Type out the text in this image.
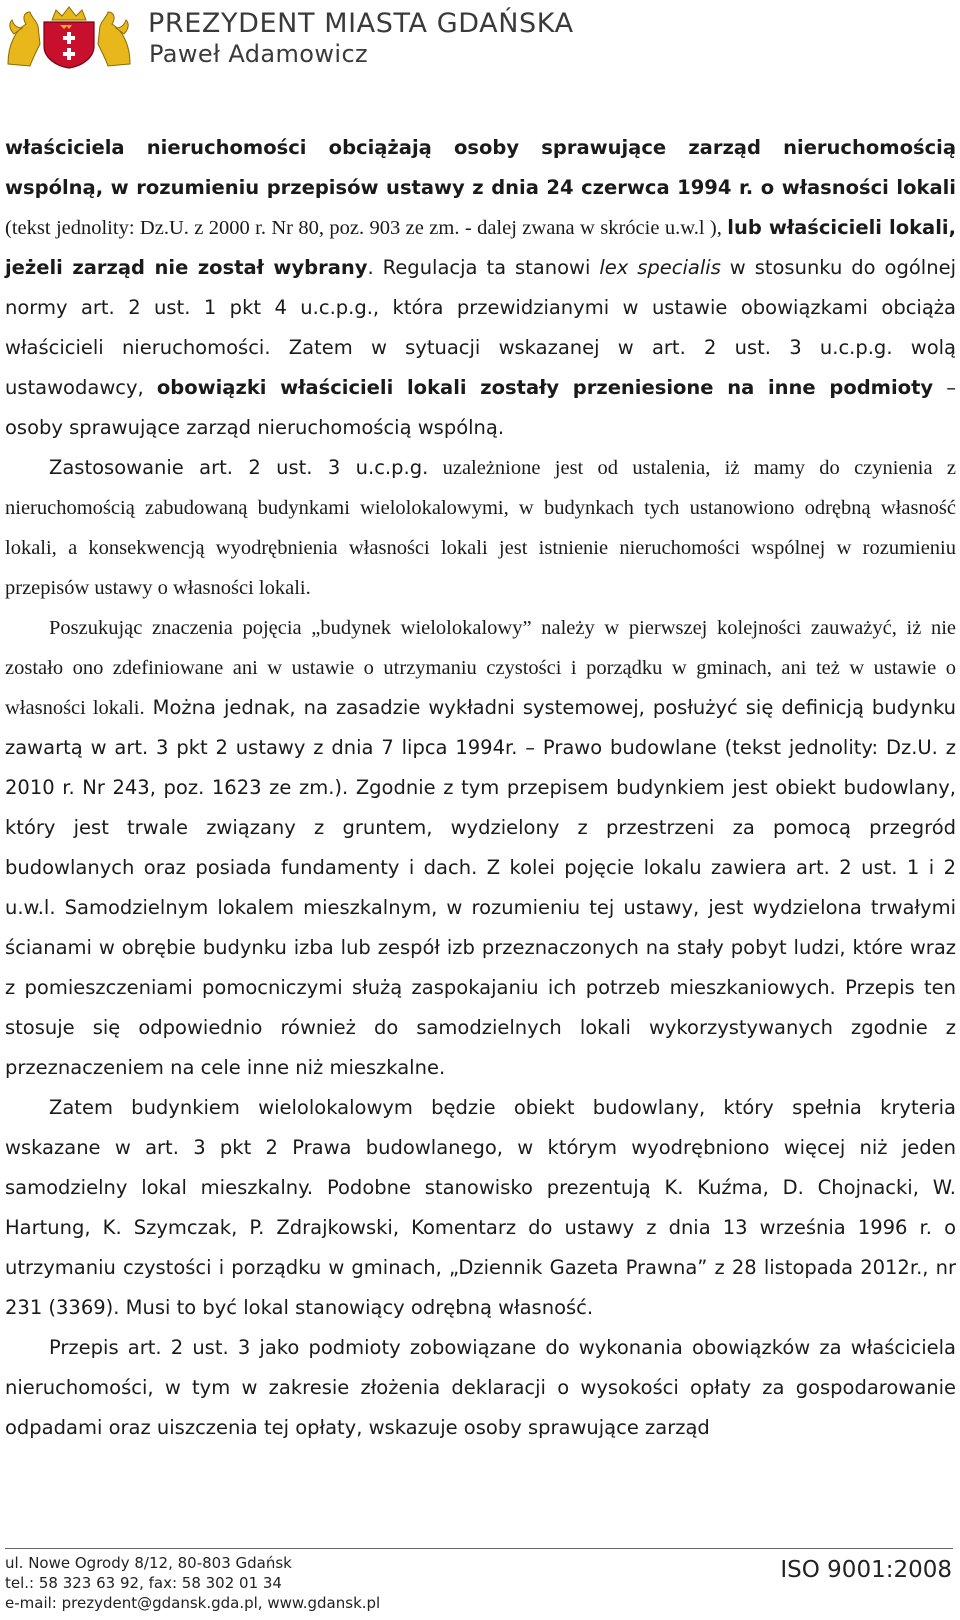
PREZYDENT MIASTA GDAŃSKA
Paweł Adamowicz

właściciela nieruchomości obciążają osoby sprawujące zarząd nieruchomością wspólną, w rozumieniu przepisów ustawy z dnia 24 czerwca 1994 r. o własności lokali (tekst jednolity: Dz.U. z 2000 r. Nr 80, poz. 903 ze zm. - dalej zwana w skrócie u.w.l ), lub właścicieli lokali, jeżeli zarząd nie został wybrany. Regulacja ta stanowi lex specialis w stosunku do ogólnej normy art. 2 ust. 1 pkt 4 u.c.p.g., która przewidzianymi w ustawie obowiązkami obciąża właścicieli nieruchomości. Zatem w sytuacji wskazanej w art. 2 ust. 3 u.c.p.g. wolą ustawodawcy, obowiązki właścicieli lokali zostały przeniesione na inne podmioty – osoby sprawujące zarząd nieruchomością wspólną.

Zastosowanie art. 2 ust. 3 u.c.p.g. uzależnione jest od ustalenia, iż mamy do czynienia z nieruchomością zabudowaną budynkami wielolokalowymi, w budynkach tych ustanowiono odrębną własność lokali, a konsekwencją wyodrębnienia własności lokali jest istnienie nieruchomości wspólnej w rozumieniu przepisów ustawy o własności lokali.

Poszukując znaczenia pojęcia „budynek wielolokalowy” należy w pierwszej kolejności zauważyć, iż nie zostało ono zdefiniowane ani w ustawie o utrzymaniu czystości i porządku w gminach, ani też w ustawie o własności lokali. Można jednak, na zasadzie wykładni systemowej, posłużyć się definicją budynku zawartą w art. 3 pkt 2 ustawy z dnia 7 lipca 1994r. – Prawo budowlane (tekst jednolity: Dz.U. z 2010 r. Nr 243, poz. 1623 ze zm.). Zgodnie z tym przepisem budynkiem jest obiekt budowlany, który jest trwale związany z gruntem, wydzielony z przestrzeni za pomocą przegród budowlanych oraz posiada fundamenty i dach. Z kolei pojęcie lokalu zawiera art. 2 ust. 1 i 2 u.w.l. Samodzielnym lokalem mieszkalnym, w rozumieniu tej ustawy, jest wydzielona trwałymi ścianami w obrębie budynku izba lub zespół izb przeznaczonych na stały pobyt ludzi, które wraz z pomieszczeniami pomocniczymi służą zaspokajaniu ich potrzeb mieszkaniowych. Przepis ten stosuje się odpowiednio również do samodzielnych lokali wykorzystywanych zgodnie z przeznaczeniem na cele inne niż mieszkalne.

Zatem budynkiem wielolokalowym będzie obiekt budowlany, który spełnia kryteria wskazane w art. 3 pkt 2 Prawa budowlanego, w którym wyodrębniono więcej niż jeden samodzielny lokal mieszkalny. Podobne stanowisko prezentują K. Kuźma, D. Chojnacki, W. Hartung, K. Szymczak, P. Zdrajkowski, Komentarz do ustawy z dnia 13 września 1996 r. o utrzymaniu czystości i porządku w gminach, „Dziennik Gazeta Prawna” z 28 listopada 2012r., nr 231 (3369). Musi to być lokal stanowiący odrębną własność.

Przepis art. 2 ust. 3 jako podmioty zobowiązane do wykonania obowiązków za właściciela nieruchomości, w tym w zakresie złożenia deklaracji o wysokości opłaty za gospodarowanie odpadami oraz uiszczenia tej opłaty, wskazuje osoby sprawujące zarząd

ul. Nowe Ogrody 8/12, 80-803 Gdańsk
tel.: 58 323 63 92, fax: 58 302 01 34
e-mail: prezydent@gdansk.gda.pl, www.gdansk.pl
ISO 9001:2008
